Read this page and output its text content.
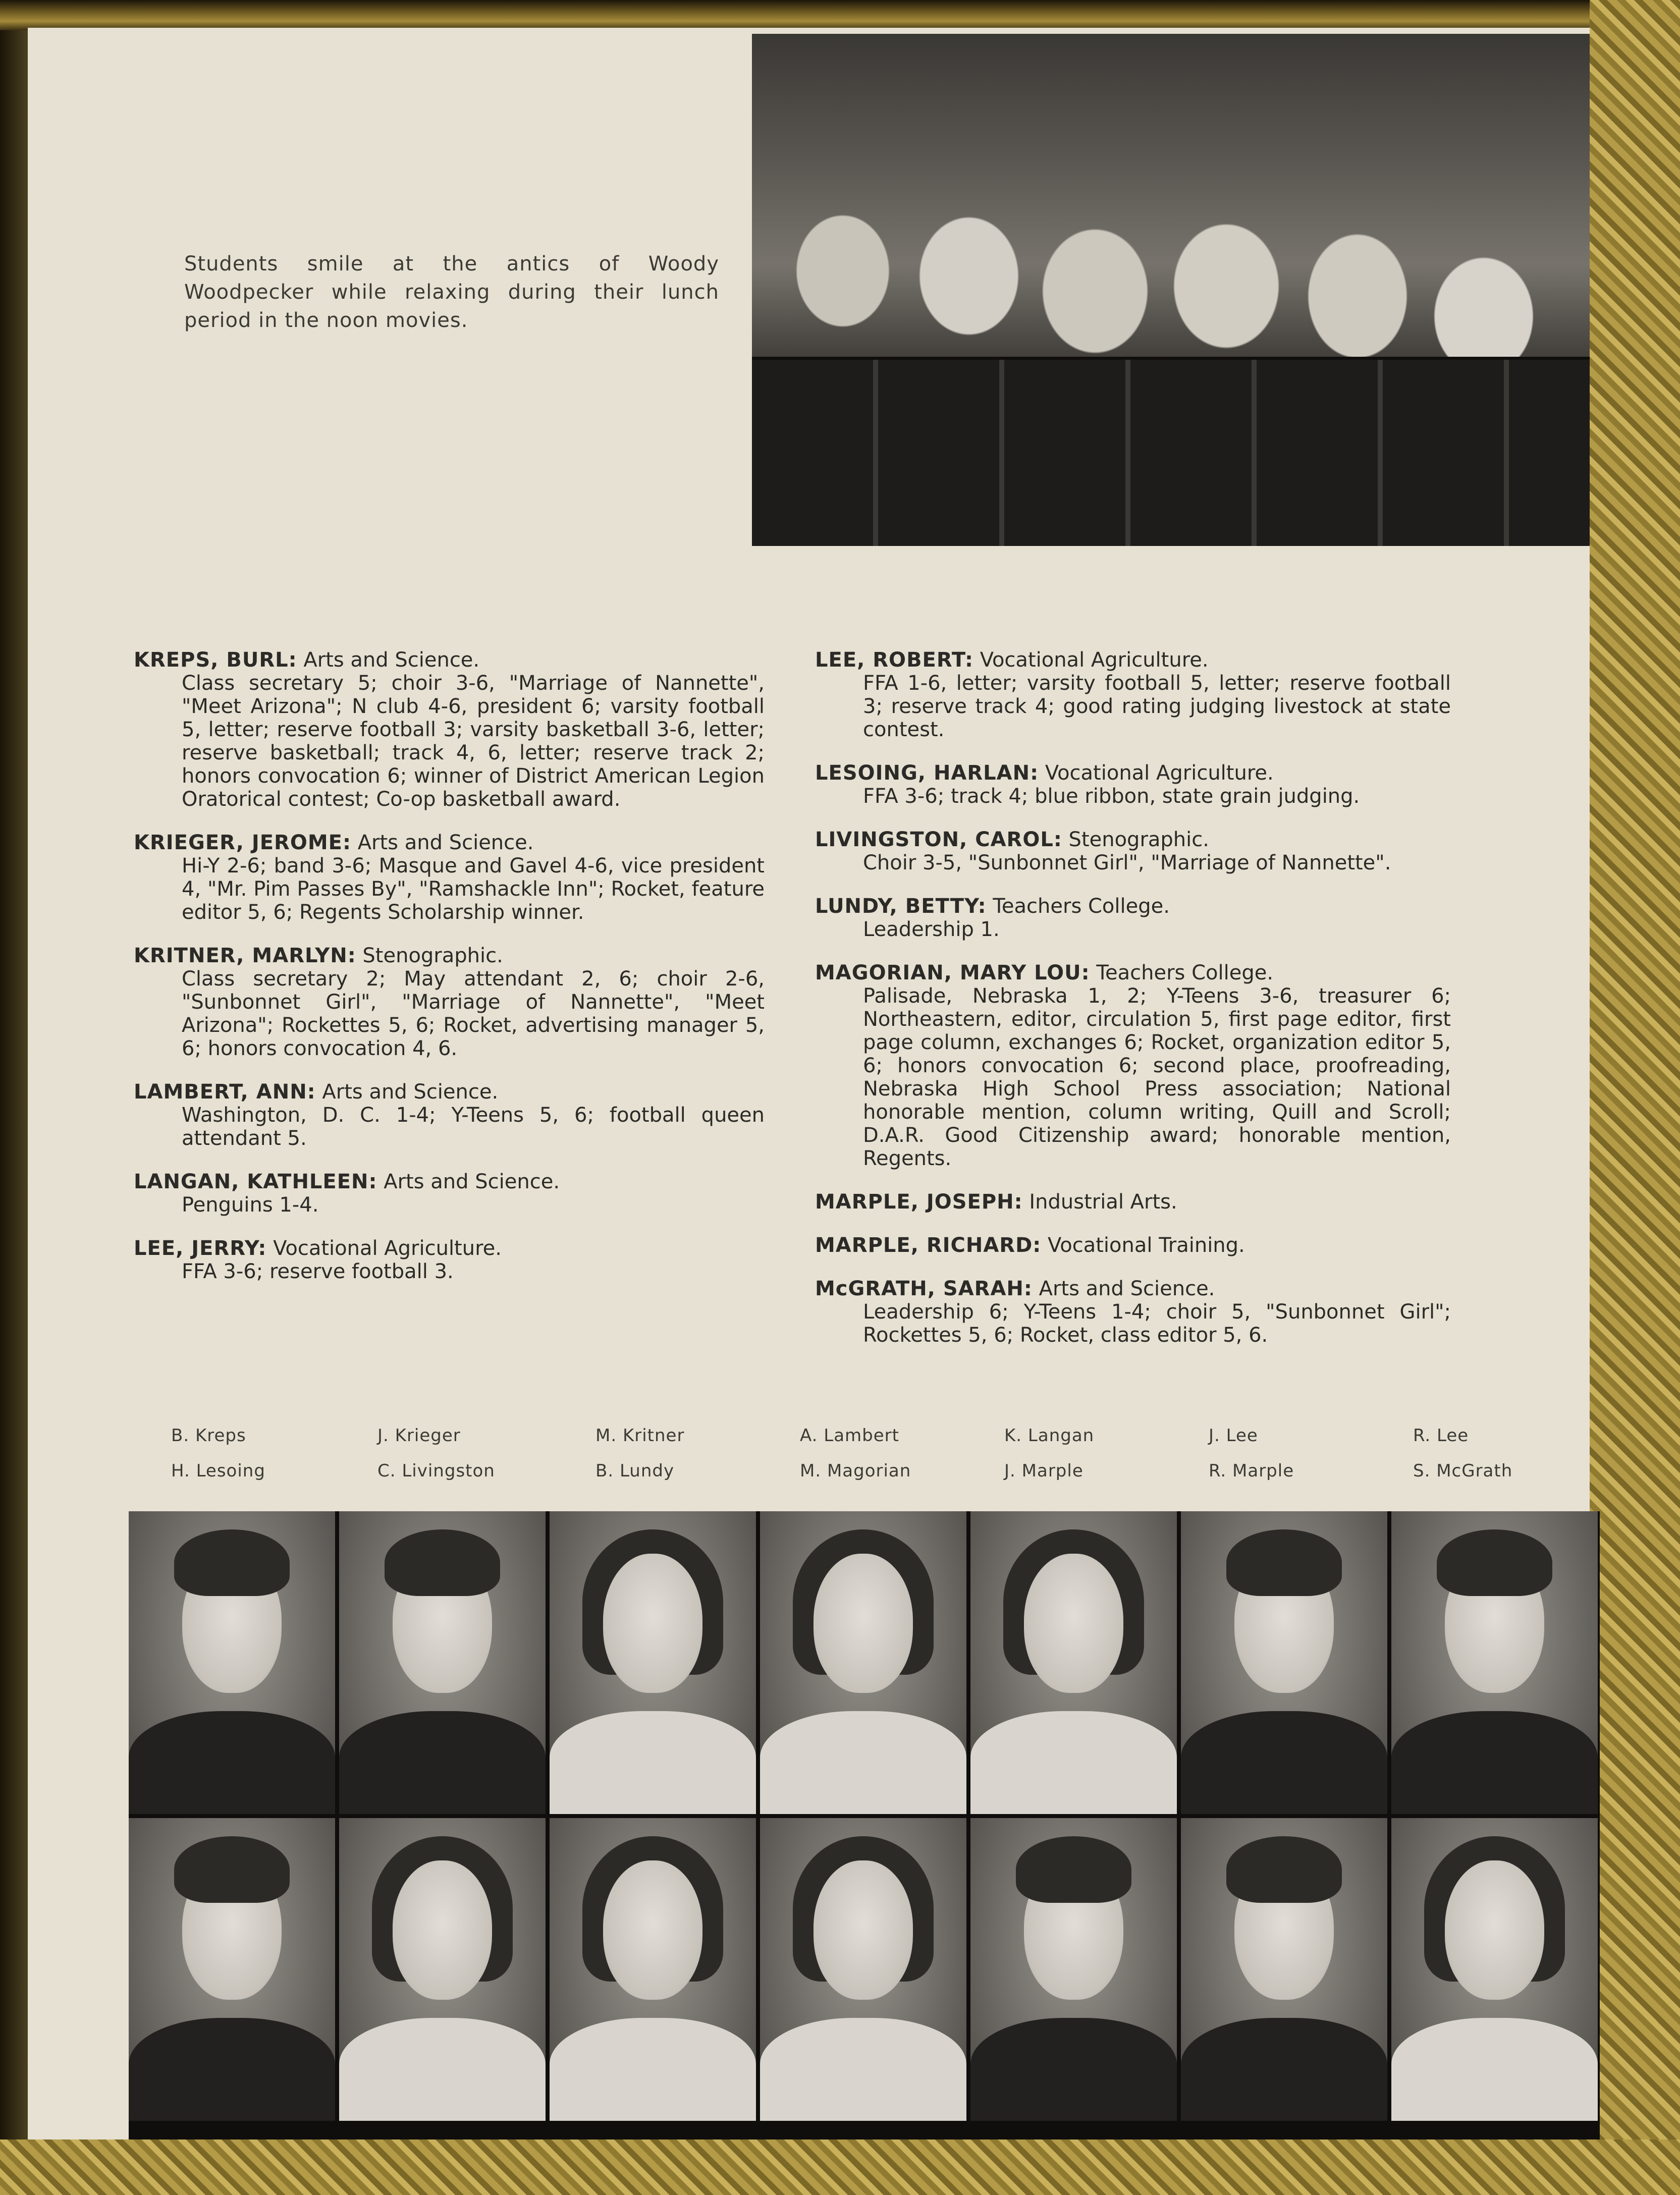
Students smile at the antics of Woody Woodpecker while relaxing during their lunch period in the noon movies.
KREPS, BURL: Arts and Science.
Class secretary 5; choir 3-6, "Marriage of Nannette", "Meet Arizona"; N club 4-6, president 6; varsity football 5, letter; reserve football 3; varsity basketball 3-6, letter; reserve basketball; track 4, 6, letter; reserve track 2; honors convocation 6; winner of District American Legion Oratorical contest; Co-op basketball award.
KRIEGER, JEROME: Arts and Science.
Hi-Y 2-6; band 3-6; Masque and Gavel 4-6, vice president 4, "Mr. Pim Passes By", "Ramshackle Inn"; Rocket, feature editor 5, 6; Regents Scholarship winner.
KRITNER, MARLYN: Stenographic.
Class secretary 2; May attendant 2, 6; choir 2-6, "Sunbonnet Girl", "Marriage of Nannette", "Meet Arizona"; Rockettes 5, 6; Rocket, advertising manager 5, 6; honors convocation 4, 6.
LAMBERT, ANN: Arts and Science.
Washington, D. C. 1-4; Y-Teens 5, 6; football queen attendant 5.
LANGAN, KATHLEEN: Arts and Science.
Penguins 1-4.
LEE, JERRY: Vocational Agriculture.
FFA 3-6; reserve football 3.
LEE, ROBERT: Vocational Agriculture.
FFA 1-6, letter; varsity football 5, letter; reserve football 3; reserve track 4; good rating judging livestock at state contest.
LESOING, HARLAN: Vocational Agriculture.
FFA 3-6; track 4; blue ribbon, state grain judging.
LIVINGSTON, CAROL: Stenographic.
Choir 3-5, "Sunbonnet Girl", "Marriage of Nannette".
LUNDY, BETTY: Teachers College.
Leadership 1.
MAGORIAN, MARY LOU: Teachers College.
Palisade, Nebraska 1, 2; Y-Teens 3-6, treasurer 6; Northeastern, editor, circulation 5, first page editor, first page column, exchanges 6; Rocket, organization editor 5, 6; honors convocation 6; second place, proofreading, Nebraska High School Press association; National honorable mention, column writing, Quill and Scroll; D.A.R. Good Citizenship award; honorable mention, Regents.
MARPLE, JOSEPH: Industrial Arts.
MARPLE, RICHARD: Vocational Training.
McGRATH, SARAH: Arts and Science.
Leadership 6; Y-Teens 1-4; choir 5, "Sunbonnet Girl"; Rockettes 5, 6; Rocket, class editor 5, 6.
B. Kreps	J. Krieger	M. Kritner	A. Lambert	K. Langan	J. Lee	R. Lee
H. Lesoing	C. Livingston	B. Lundy	M. Magorian	J. Marple	R. Marple	S. McGrath
